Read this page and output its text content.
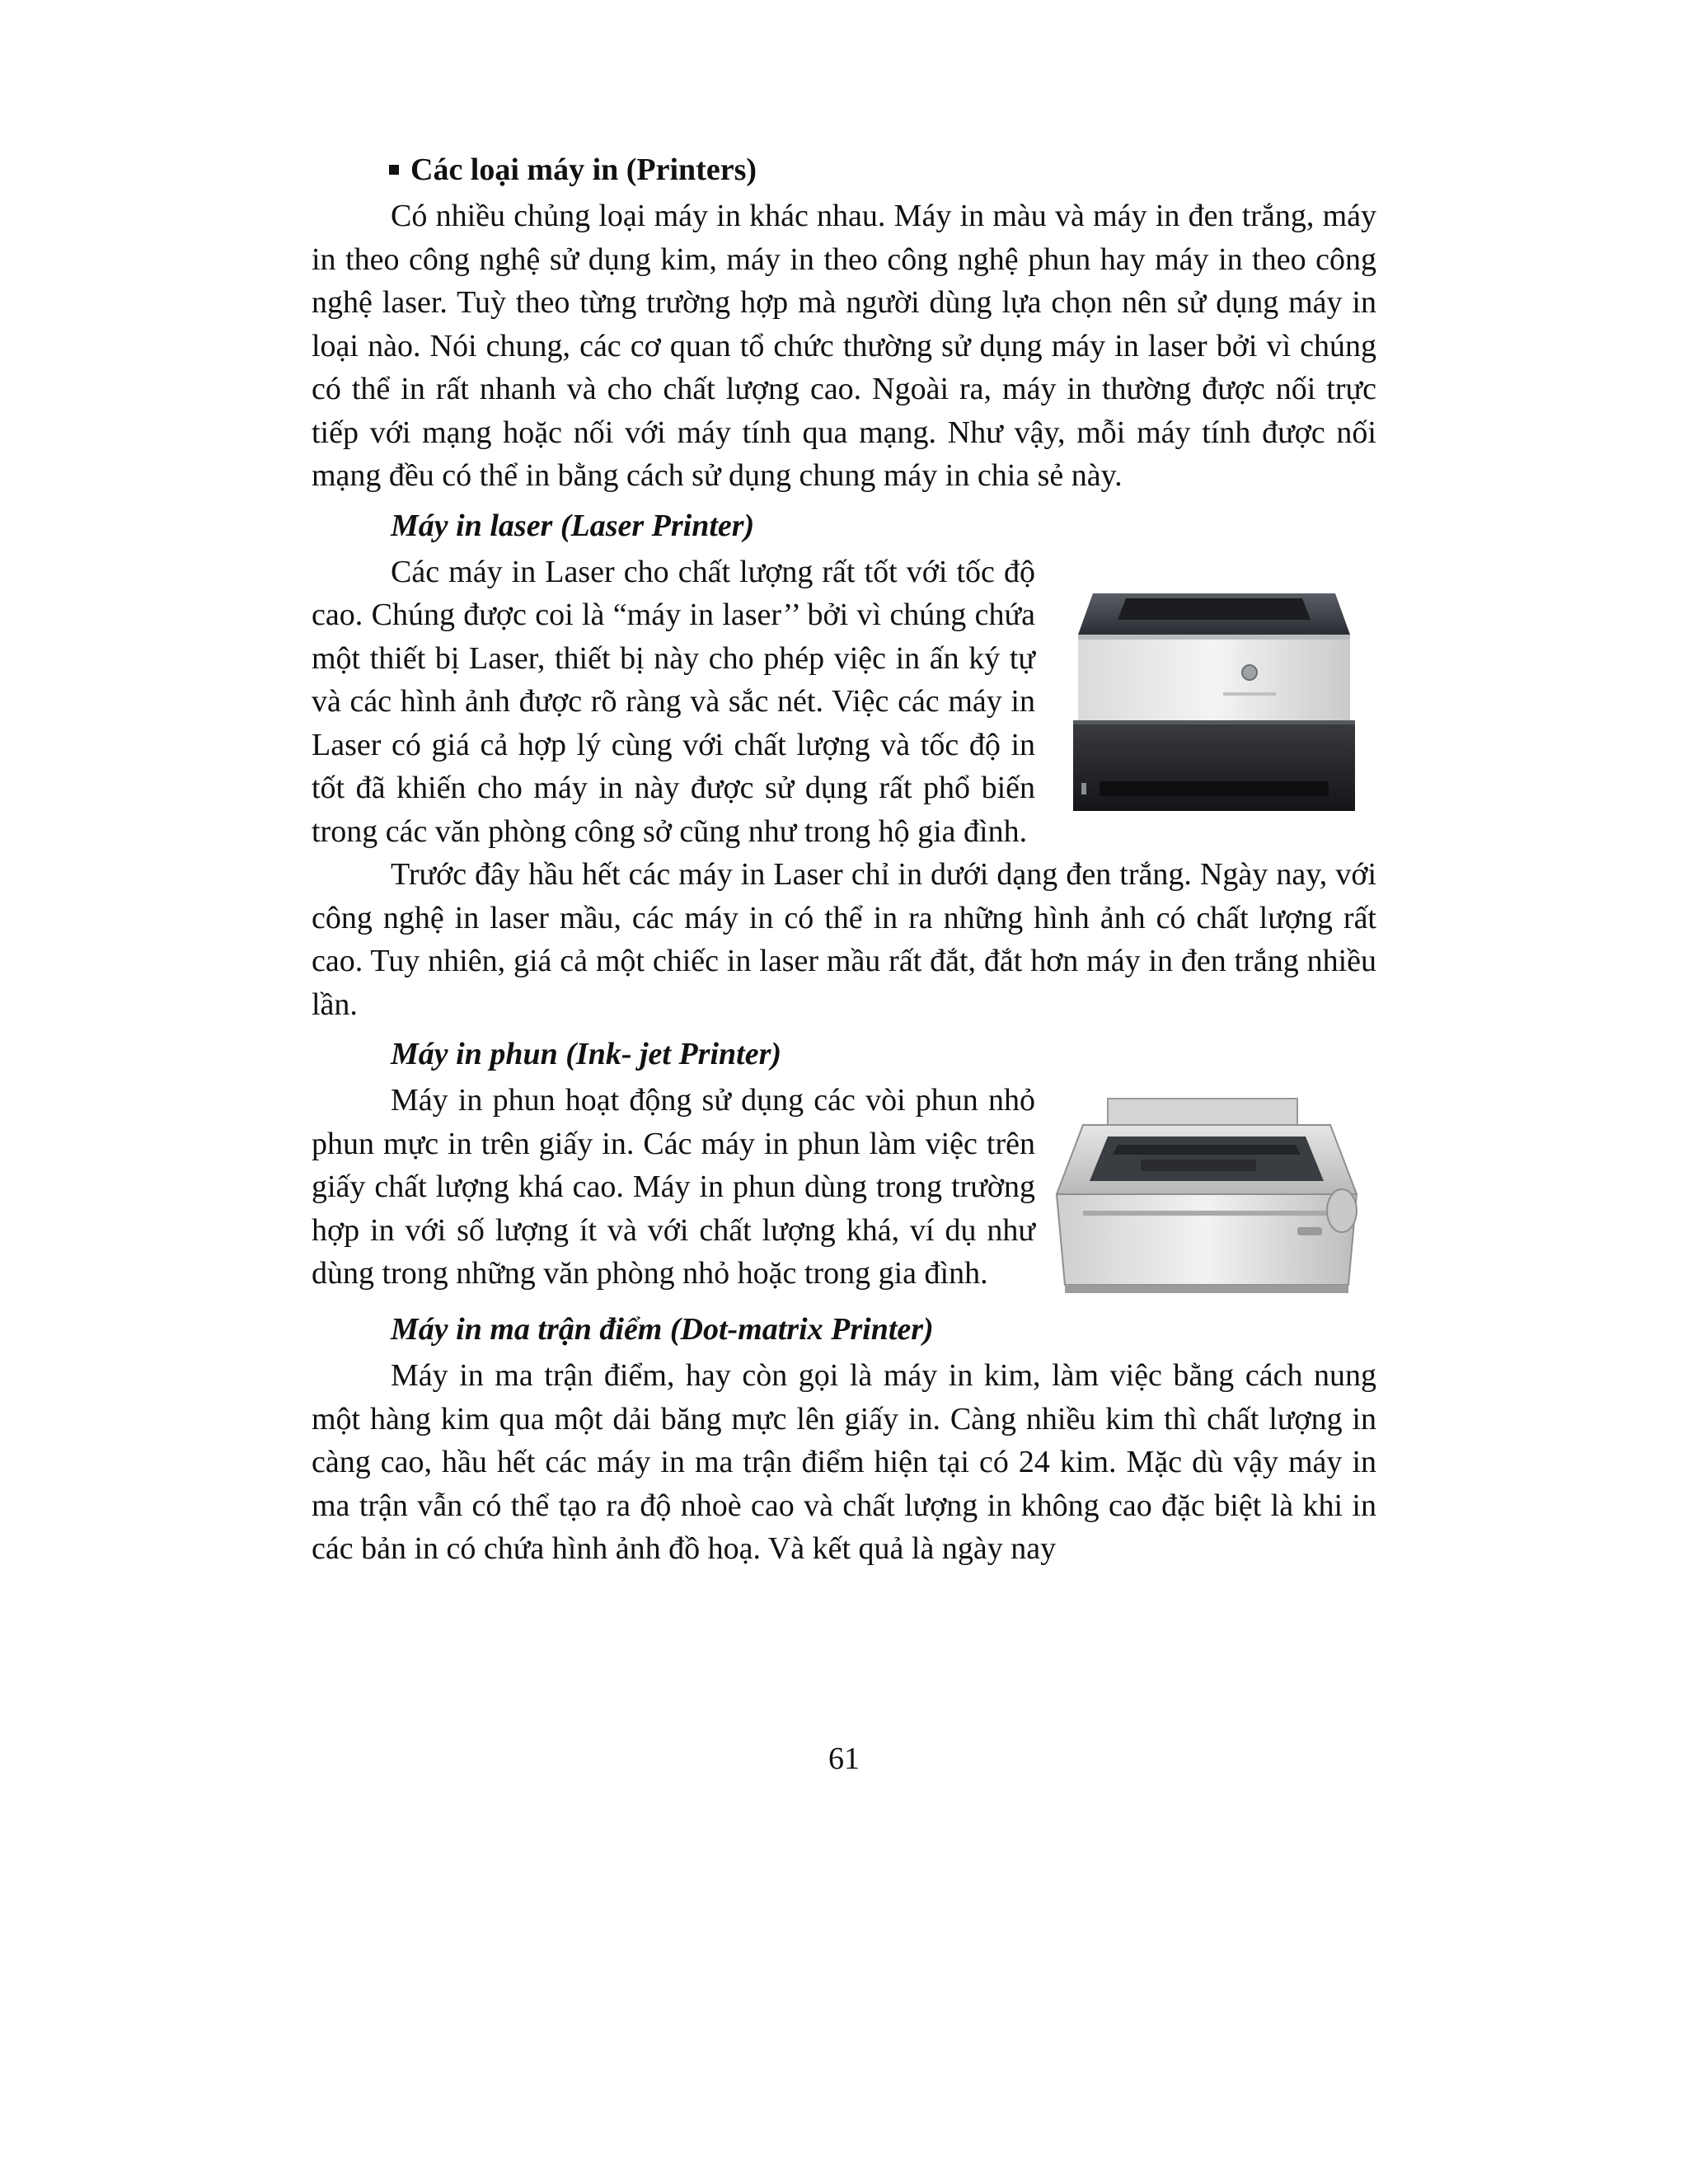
Các loại máy in (Printers)

Có nhiều chủng loại máy in khác nhau. Máy in màu và máy in đen trắng, máy in theo công nghệ sử dụng kim, máy in theo công nghệ phun hay máy in theo công nghệ laser. Tuỳ theo từng trường hợp mà người dùng lựa chọn nên sử dụng máy in loại nào. Nói chung, các cơ quan tổ chức thường sử dụng máy in laser bởi vì chúng có thể in rất nhanh và cho chất lượng cao. Ngoài ra, máy in thường được nối trực tiếp với mạng hoặc nối với máy tính qua mạng. Như vậy, mỗi máy tính được nối mạng đều có thể in bằng cách sử dụng chung máy in chia sẻ này.

Máy in laser (Laser Printer)

Các máy in Laser cho chất lượng rất tốt với tốc độ cao. Chúng được coi là “máy in laser’’ bởi vì chúng chứa một thiết bị Laser, thiết bị này cho phép việc in ấn ký tự và các hình ảnh được rõ ràng và sắc nét. Việc các máy in Laser có giá cả hợp lý cùng với chất lượng và tốc độ in tốt đã khiến cho máy in này được sử dụng rất phổ biến trong các văn phòng công sở cũng như trong hộ gia đình.

Trước đây hầu hết các máy in Laser chỉ in dưới dạng đen trắng. Ngày nay, với công nghệ in laser mầu, các máy in có thể in ra những hình ảnh có chất lượng rất cao. Tuy nhiên, giá cả một chiếc in laser mầu rất đắt, đắt hơn máy in đen trắng nhiều lần.

Máy in phun (Ink- jet Printer)

Máy in phun hoạt động sử dụng các vòi phun nhỏ phun mực in trên giấy in. Các máy in phun làm việc trên giấy chất lượng khá cao. Máy in phun dùng trong trường hợp in với số lượng ít và với chất lượng khá, ví dụ như dùng trong những văn phòng nhỏ hoặc trong gia đình.

Máy in ma trận điểm (Dot-matrix Printer)

Máy in ma trận điểm, hay còn gọi là máy in kim, làm việc bằng cách nung một hàng kim qua một dải băng mực lên giấy in. Càng nhiều kim thì chất lượng in càng cao, hầu hết các máy in ma trận điểm hiện tại có 24 kim. Mặc dù vậy máy in ma trận vẫn có thể tạo ra độ nhoè cao và chất lượng in không cao đặc biệt là khi in các bản in có chứa hình ảnh đồ hoạ. Và kết quả là ngày nay

61
